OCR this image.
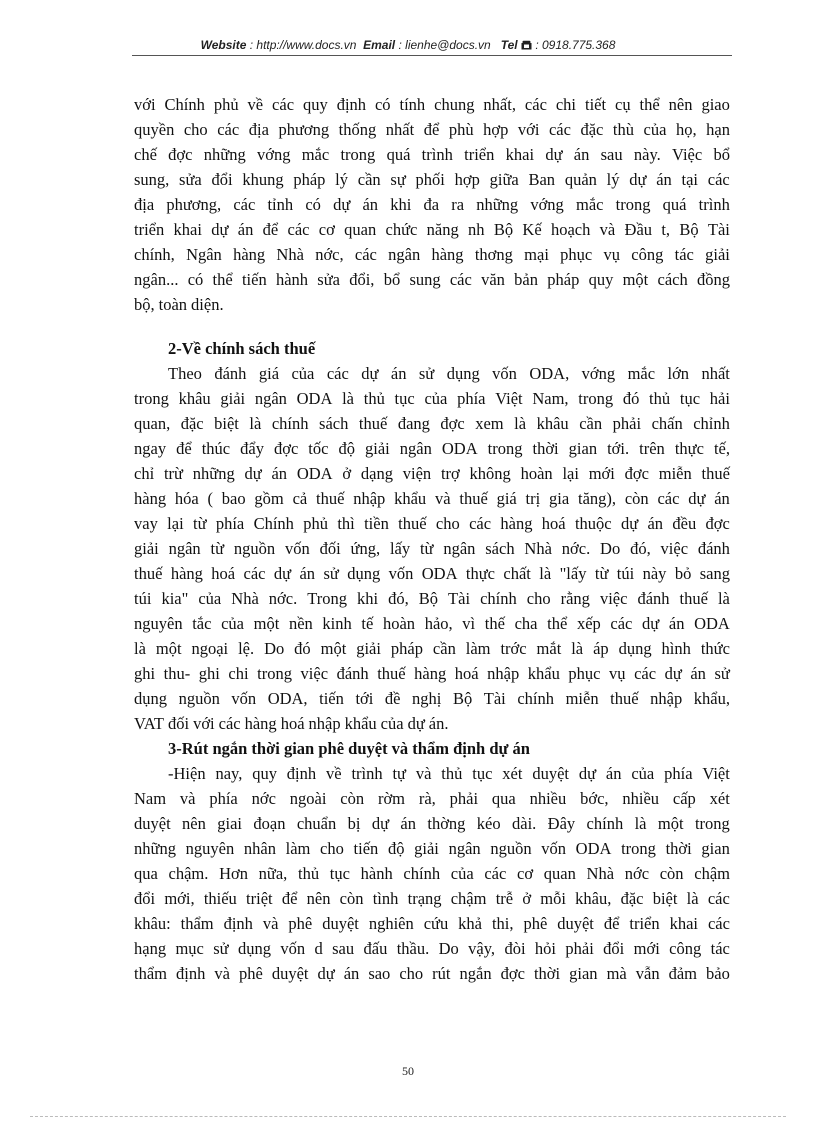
Website : http://www.docs.vn Email : lienhe@docs.vn Tel : 0918.775.368
với Chính phủ về các quy định có tính chung nhất, các chi tiết cụ thể nên giao
quyền cho các địa phương thống nhất để phù hợp với các đặc thù của họ, hạn
chế đợc những vớng mắc trong quá trình triển khai dự án sau này. Việc bổ
sung, sửa đổi khung pháp lý cần sự phối hợp giữa Ban quản lý dự án tại các
địa phương, các tỉnh có dự án khi đa ra những vớng mắc trong quá trình
triển khai dự án để các cơ quan chức năng nh Bộ Kế hoạch và Đầu t, Bộ Tài
chính, Ngân hàng Nhà nớc, các ngân hàng thơng mại phục vụ công tác giải
ngân... có thể tiến hành sửa đổi, bổ sung các văn bản pháp quy một cách đồng
bộ, toàn diện.
2-Về chính sách thuế
Theo đánh giá của các dự án sử dụng vốn ODA, vớng mắc lớn nhất
trong khâu giải ngân ODA là thủ tục của phía Việt Nam, trong đó thủ tục hải
quan, đặc biệt là chính sách thuế đang đợc xem là khâu cần phải chấn chỉnh
ngay để thúc đẩy đợc tốc độ giải ngân ODA trong thời gian tới. trên thực tế,
chỉ trừ những dự án ODA ở dạng viện trợ không hoàn lại mới đợc miễn thuế
hàng hóa ( bao gồm cả thuế nhập khẩu và thuế giá trị gia tăng), còn các dự án
vay lại từ phía Chính phủ thì tiền thuế cho các hàng hoá thuộc dự án đều đợc
giải ngân từ nguồn vốn đối ứng, lấy từ ngân sách Nhà nớc. Do đó, việc đánh
thuế hàng hoá các dự án sử dụng vốn ODA thực chất là "lấy từ túi này bỏ sang
túi kia" của Nhà nớc. Trong khi đó, Bộ Tài chính cho rằng việc đánh thuế là
nguyên tắc của một nền kinh tế hoàn hảo, vì thế cha thể xếp các dự án ODA
là một ngoại lệ. Do đó một giải pháp cần làm trớc mắt là áp dụng hình thức
ghi thu- ghi chi trong việc đánh thuế hàng hoá nhập khẩu phục vụ các dự án sử
dụng nguồn vốn ODA, tiến tới đề nghị Bộ Tài chính miễn thuế nhập khẩu,
VAT đối với các hàng hoá nhập khẩu của dự án.
3-Rút ngắn thời gian phê duyệt và thẩm định dự án
-Hiện nay, quy định về trình tự và thủ tục xét duyệt dự án của phía Việt
Nam và phía nớc ngoài còn rờm rà, phải qua nhiều bớc, nhiều cấp xét
duyệt nên giai đoạn chuẩn bị dự án thờng kéo dài. Đây chính là một trong
những nguyên nhân làm cho tiến độ giải ngân nguồn vốn ODA trong thời gian
qua chậm. Hơn nữa, thủ tục hành chính của các cơ quan Nhà nớc còn chậm
đổi mới, thiếu triệt để nên còn tình trạng chậm trễ ở mỗi khâu, đặc biệt là các
khâu: thẩm định và phê duyệt nghiên cứu khả thi, phê duyệt để triển khai các
hạng mục sử dụng vốn d sau đấu thầu. Do vậy, đòi hỏi phải đổi mới công tác
thẩm định và phê duyệt dự án sao cho rút ngắn đợc thời gian mà vẫn đảm bảo
50
